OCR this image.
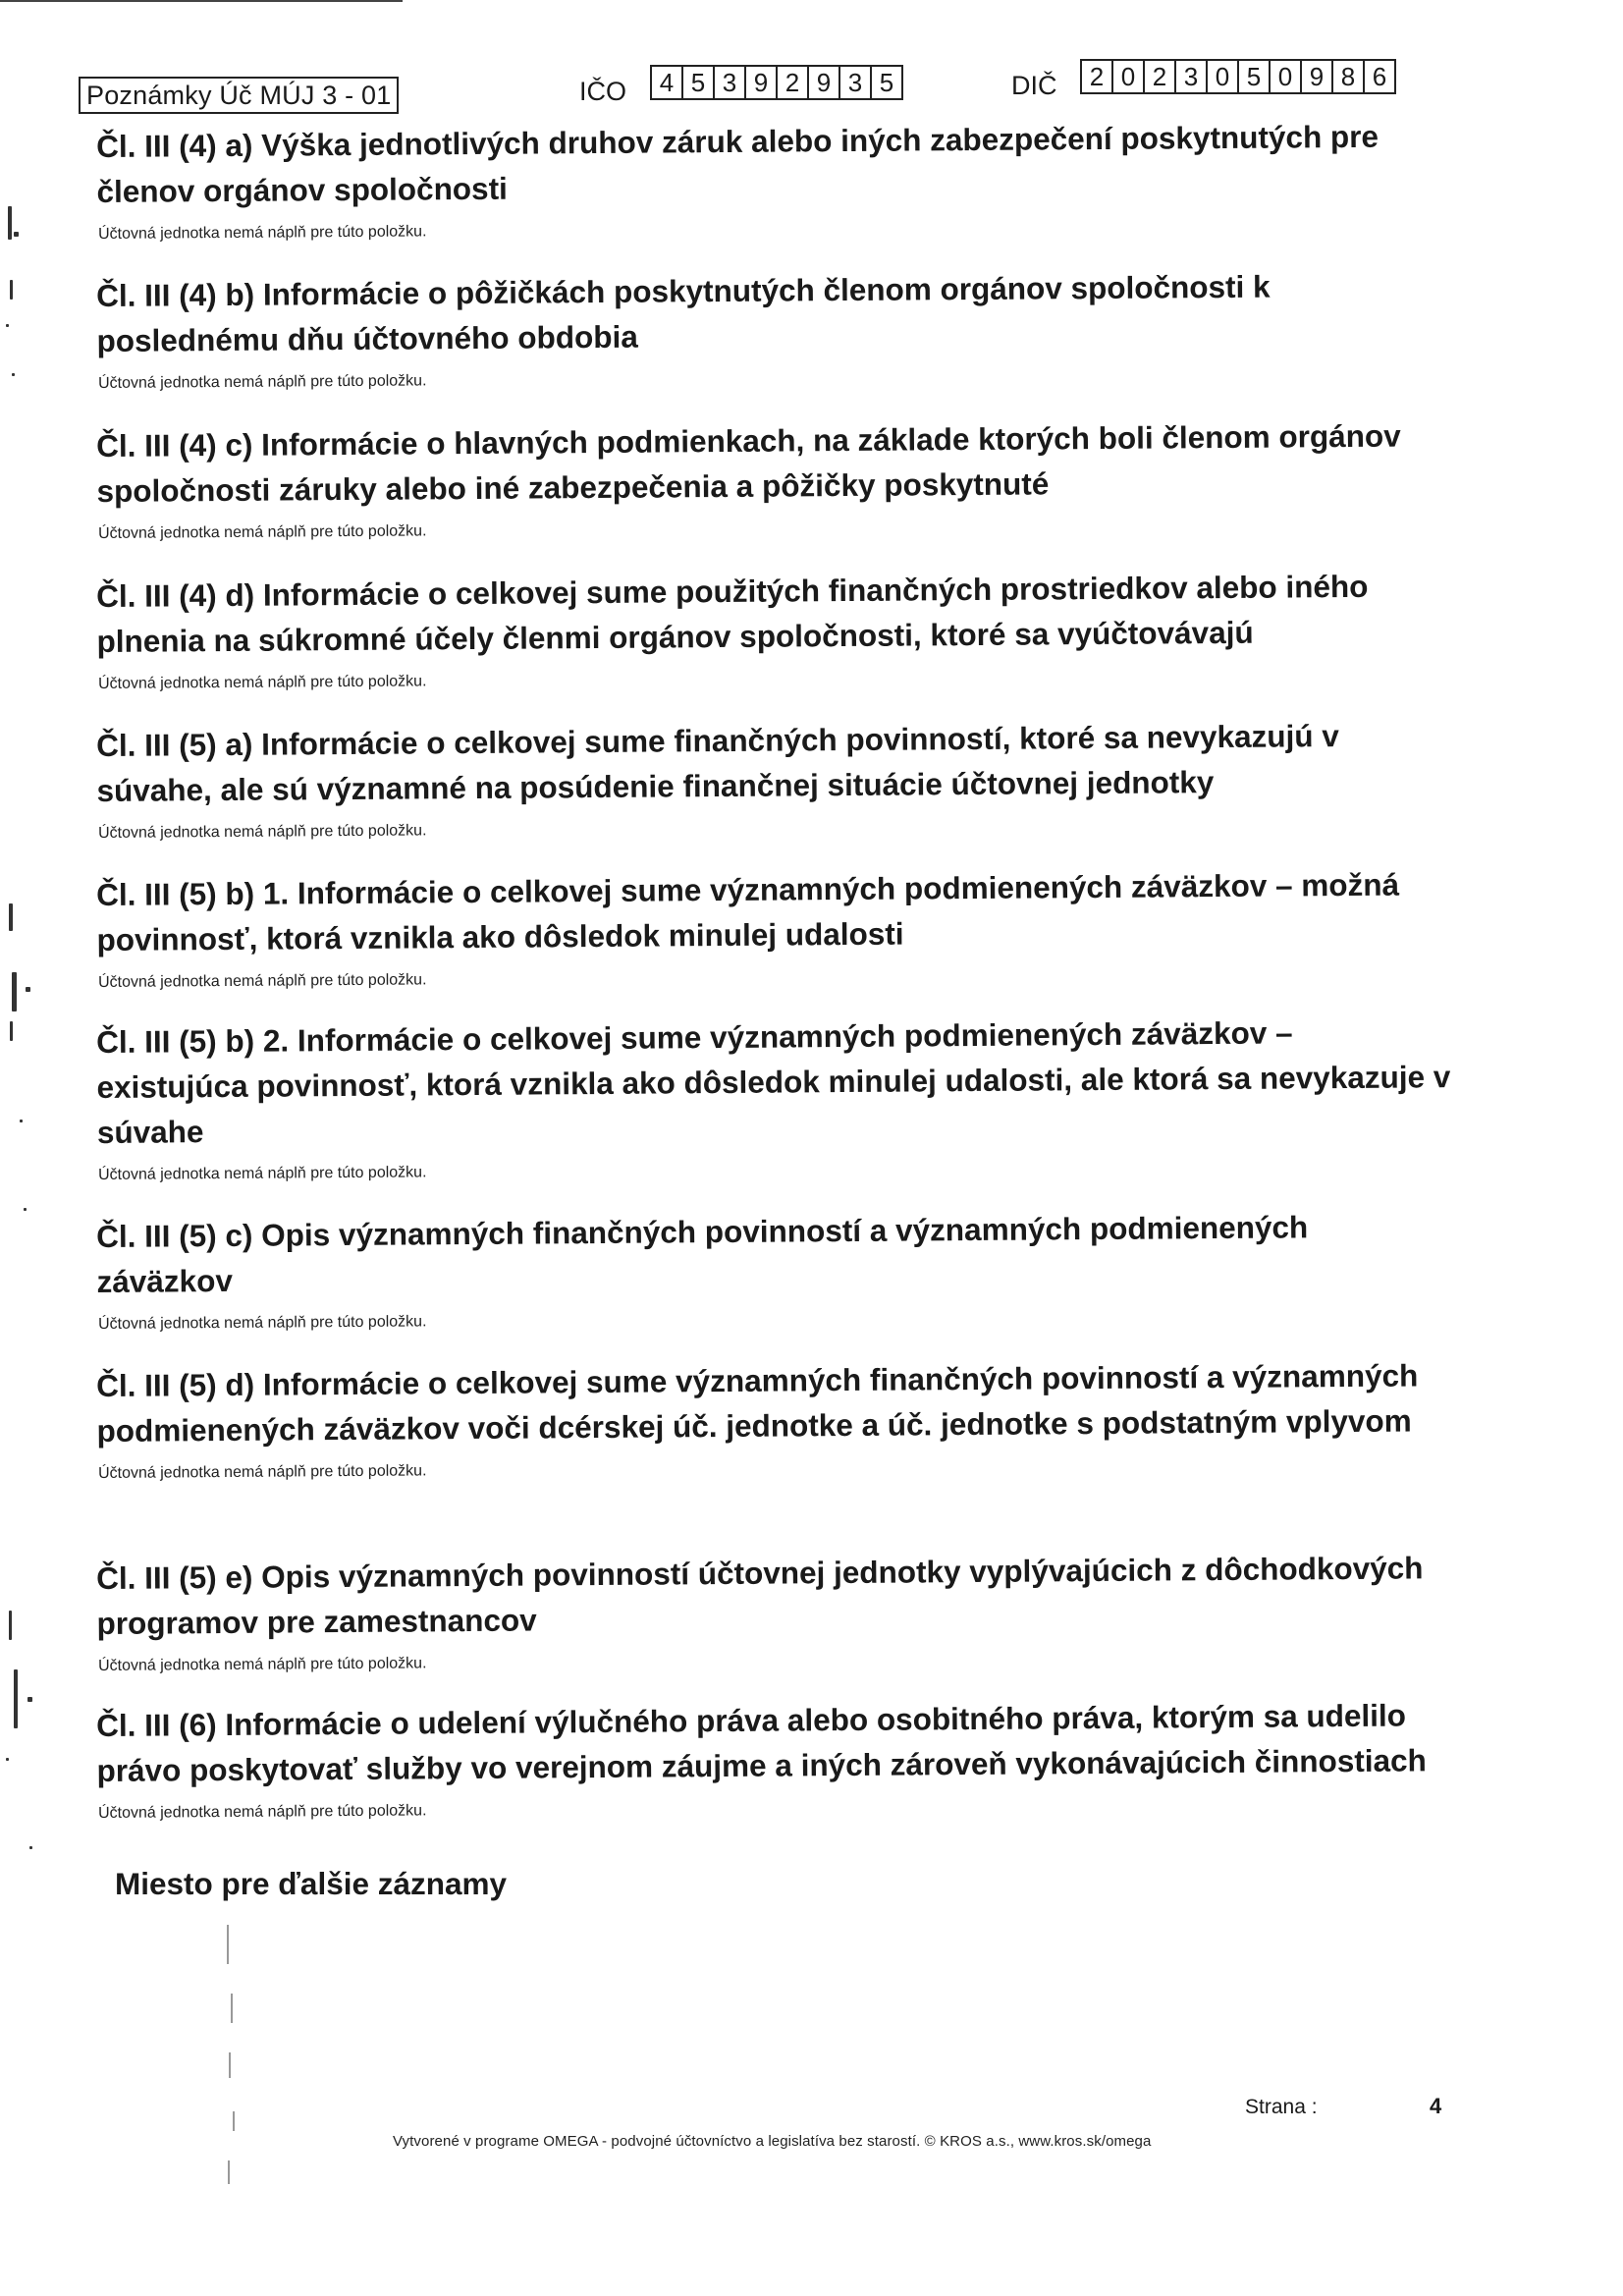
Poznámky Úč MÚJ 3 - 01	IČO 4 5 3 9 2 9 3 5	DIČ 2 0 2 3 0 5 0 9 8 6

Čl. III (4) a) Výška jednotlivých druhov záruk alebo iných zabezpečení poskytnutých pre členov orgánov spoločnosti

Účtovná jednotka nemá náplň pre túto položku.

Čl. III (4) b) Informácie o pôžičkách poskytnutých členom orgánov spoločnosti k poslednému dňu účtovného obdobia

Účtovná jednotka nemá náplň pre túto položku.

Čl. III (4) c) Informácie o hlavných podmienkach, na základe ktorých boli členom orgánov spoločnosti záruky alebo iné zabezpečenia a pôžičky poskytnuté

Účtovná jednotka nemá náplň pre túto položku.

Čl. III (4) d) Informácie o celkovej sume použitých finančných prostriedkov alebo iného plnenia na súkromné účely členmi orgánov spoločnosti, ktoré sa vyúčtovávajú

Účtovná jednotka nemá náplň pre túto položku.

Čl. III (5) a) Informácie o celkovej sume finančných povinností, ktoré sa nevykazujú v súvahe, ale sú významné na posúdenie finančnej situácie účtovnej jednotky

Účtovná jednotka nemá náplň pre túto položku.

Čl. III (5) b) 1. Informácie o celkovej sume významných podmienených záväzkov – možná povinnosť, ktorá vznikla ako dôsledok minulej udalosti

Účtovná jednotka nemá náplň pre túto položku.

Čl. III (5) b) 2. Informácie o celkovej sume významných podmienených záväzkov – existujúca povinnosť, ktorá vznikla ako dôsledok minulej udalosti, ale ktorá sa nevykazuje v súvahe

Účtovná jednotka nemá náplň pre túto položku.

Čl. III (5) c) Opis významných finančných povinností a významných podmienených záväzkov

Účtovná jednotka nemá náplň pre túto položku.

Čl. III (5) d) Informácie o celkovej sume významných finančných povinností a významných podmienených záväzkov voči dcérskej úč. jednotke a úč. jednotke s podstatným vplyvom

Účtovná jednotka nemá náplň pre túto položku.

Čl. III (5) e) Opis významných povinností účtovnej jednotky vyplývajúcich z dôchodkových programov pre zamestnancov

Účtovná jednotka nemá náplň pre túto položku.

Čl. III (6) Informácie o udelení výlučného práva alebo osobitného práva, ktorým sa udelilo právo poskytovať služby vo verejnom záujme a iných zároveň vykonávajúcich činnostiach

Účtovná jednotka nemá náplň pre túto položku.

Miesto pre ďalšie záznamy

Strana :	4
Vytvorené v programe OMEGA - podvojné účtovníctvo a legislatíva bez starostí. © KROS a.s., www.kros.sk/omega
